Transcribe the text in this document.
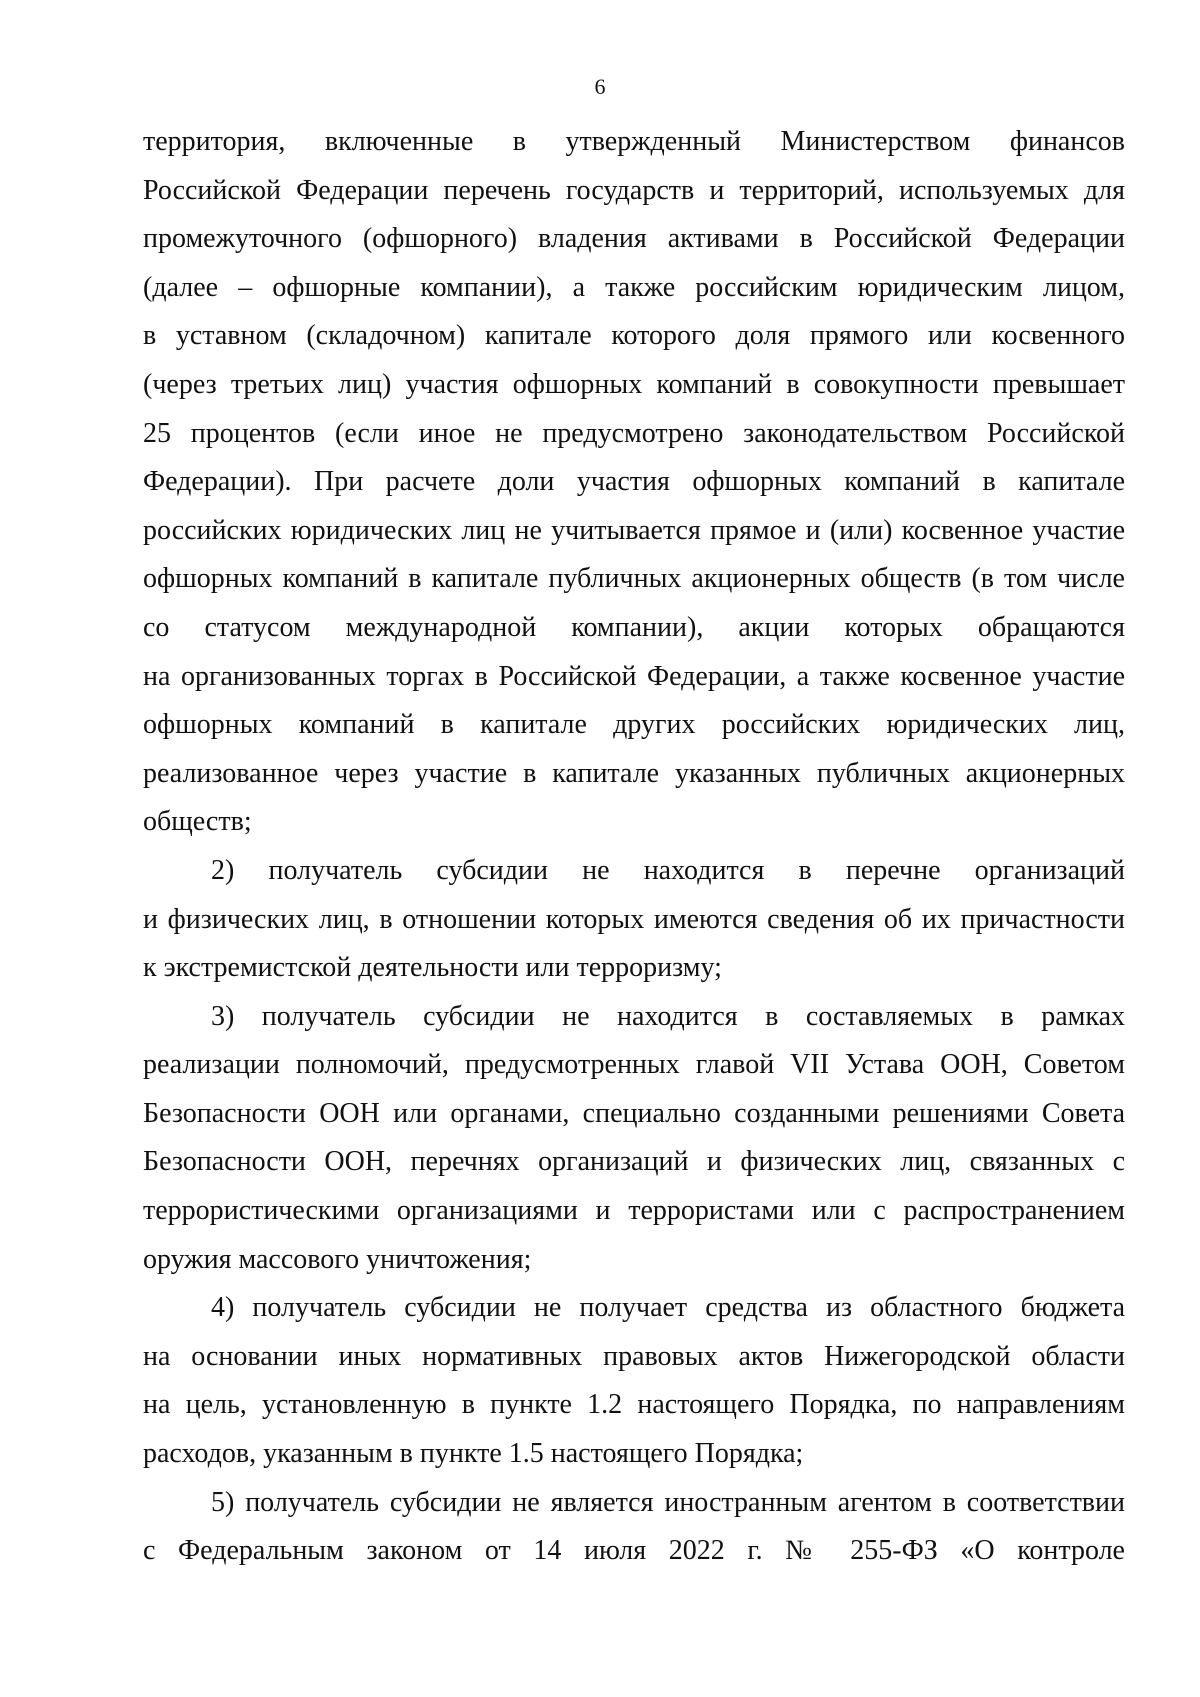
6
территория, включенные в утвержденный Министерством финансов
Российской Федерации перечень государств и территорий, используемых для
промежуточного (офшорного) владения активами в Российской Федерации
(далее – офшорные компании), а также российским юридическим лицом,
в уставном (складочном) капитале которого доля прямого или косвенного
(через третьих лиц) участия офшорных компаний в совокупности превышает
25 процентов (если иное не предусмотрено законодательством Российской
Федерации). При расчете доли участия офшорных компаний в капитале
российских юридических лиц не учитывается прямое и (или) косвенное участие
офшорных компаний в капитале публичных акционерных обществ (в том числе
со статусом международной компании), акции которых обращаются
на организованных торгах в Российской Федерации, а также косвенное участие
офшорных компаний в капитале других российских юридических лиц,
реализованное через участие в капитале указанных публичных акционерных
обществ;
2) получатель субсидии не находится в перечне организаций
и физических лиц, в отношении которых имеются сведения об их причастности
к экстремистской деятельности или терроризму;
3) получатель субсидии не находится в составляемых в рамках
реализации полномочий, предусмотренных главой VII Устава ООН, Советом
Безопасности ООН или органами, специально созданными решениями Совета
Безопасности ООН, перечнях организаций и физических лиц, связанных с
террористическими организациями и террористами или с распространением
оружия массового уничтожения;
4) получатель субсидии не получает средства из областного бюджета
на основании иных нормативных правовых актов Нижегородской области
на цель, установленную в пункте 1.2 настоящего Порядка, по направлениям
расходов, указанным в пункте 1.5 настоящего Порядка;
5) получатель субсидии не является иностранным агентом в соответствии
с Федеральным законом от 14 июля 2022 г. № 255-ФЗ «О контроле
